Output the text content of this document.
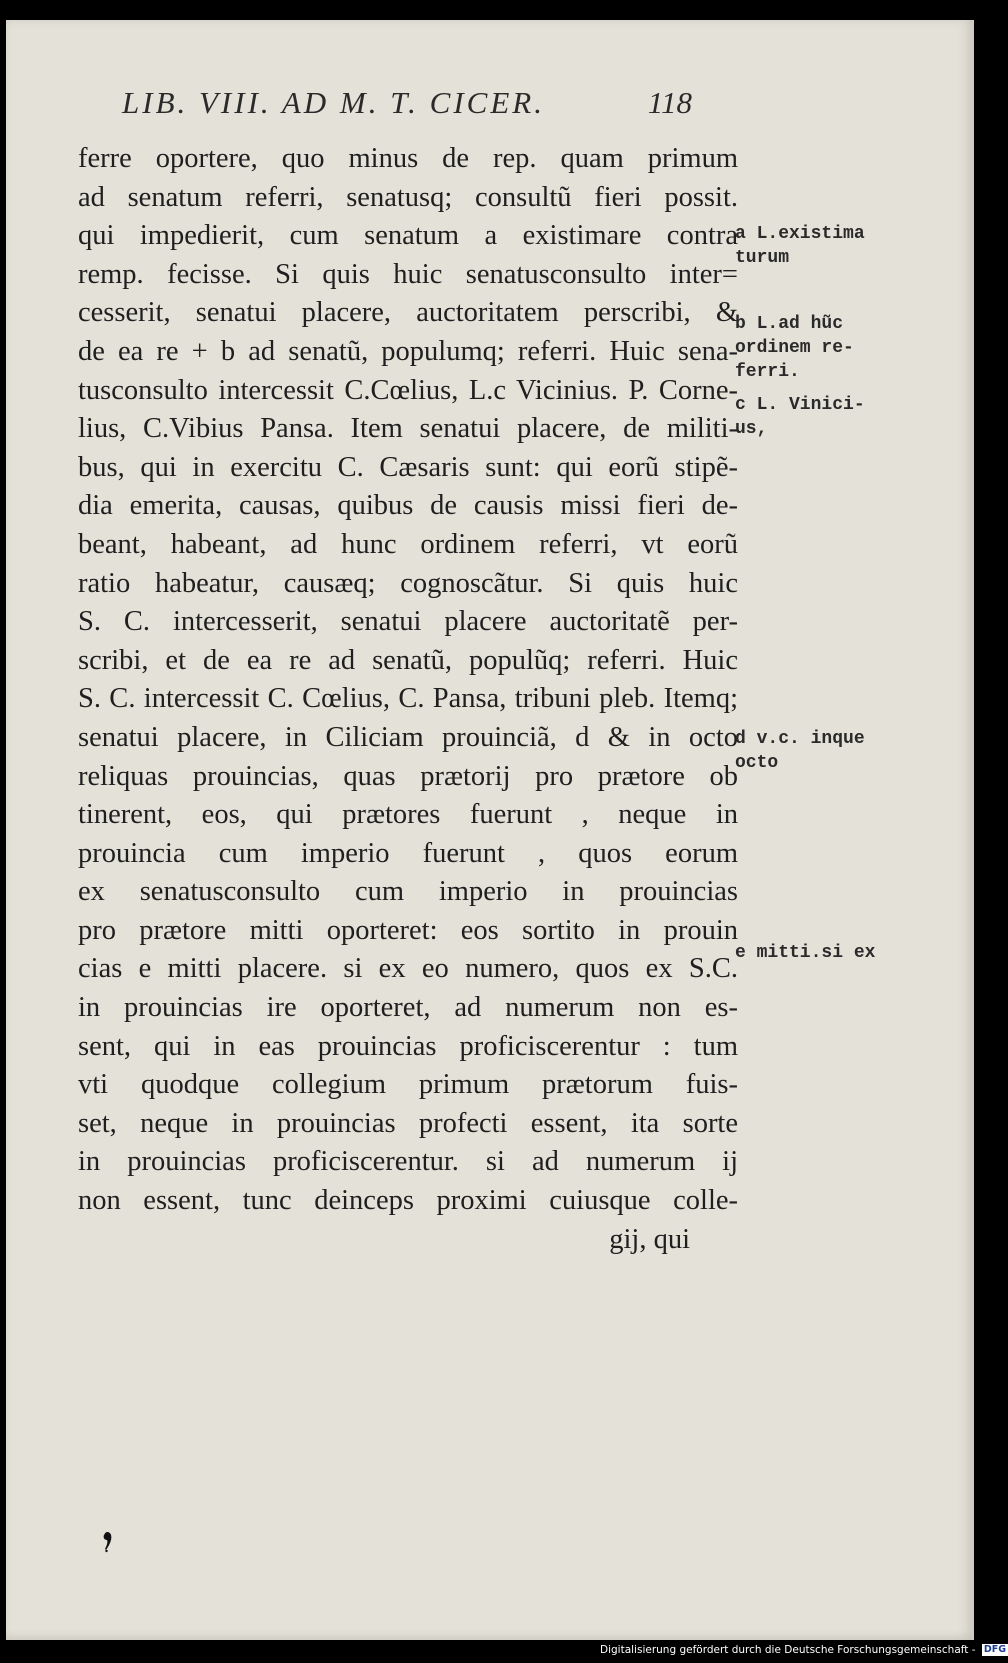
LIB. VIII. AD M. T. CICER.	118
ferre oportere, quo minus de rep. quam primum
ad senatum referri, senatusq; consultũ fieri possit.
qui impedierit, cum senatum a existimare contra
remp. fecisse. Si quis huic senatusconsulto inter=
cesserit, senatui placere, auctoritatem perscribi, &
de ea re + b ad senatũ, populumq; referri. Huic sena-
tusconsulto intercessit C.Cœlius, L.c Vicinius. P. Corne-
lius, C.Vibius Pansa. Item senatui placere, de militi-
bus, qui in exercitu C. Cæsaris sunt: qui eorũ stipẽ-
dia emerita, causas, quibus de causis missi fieri de-
beant, habeant, ad hunc ordinem referri, vt eorũ
ratio habeatur, causæq; cognoscãtur. Si quis huic
S. C. intercesserit, senatui placere auctoritatẽ per-
scribi, et de ea re ad senatũ, populũq; referri. Huic
S. C. intercessit C. Cœlius, C. Pansa, tribuni pleb. Itemq;
senatui placere, in Ciliciam prouinciã, d & in octo
reliquas prouincias, quas prætorij pro prætore ob
tinerent, eos, qui prætores fuerunt , neque in
prouincia cum imperio fuerunt , quos eorum
ex senatusconsulto cum imperio in prouincias
pro prætore mitti oporteret: eos sortito in prouin
cias e mitti placere. si ex eo numero, quos ex S.C.
in prouincias ire oporteret, ad numerum non es-
sent, qui in eas prouincias proficiscerentur : tum
vti quodque collegium primum prætorum fuis-
set, neque in prouincias profecti essent, ita sorte
in prouincias proficiscerentur. si ad numerum ij
non essent, tunc deinceps proximi cuiusque colle-
gij, qui
a L.existima
turum
b L.ad hũc
ordinem re-
ferri.
c L. Vinici-
us,
d v.c. inque
octo
e mitti.si ex
Digitalisierung gefördert durch die Deutsche Forschungsgemeinschaft - DFG
